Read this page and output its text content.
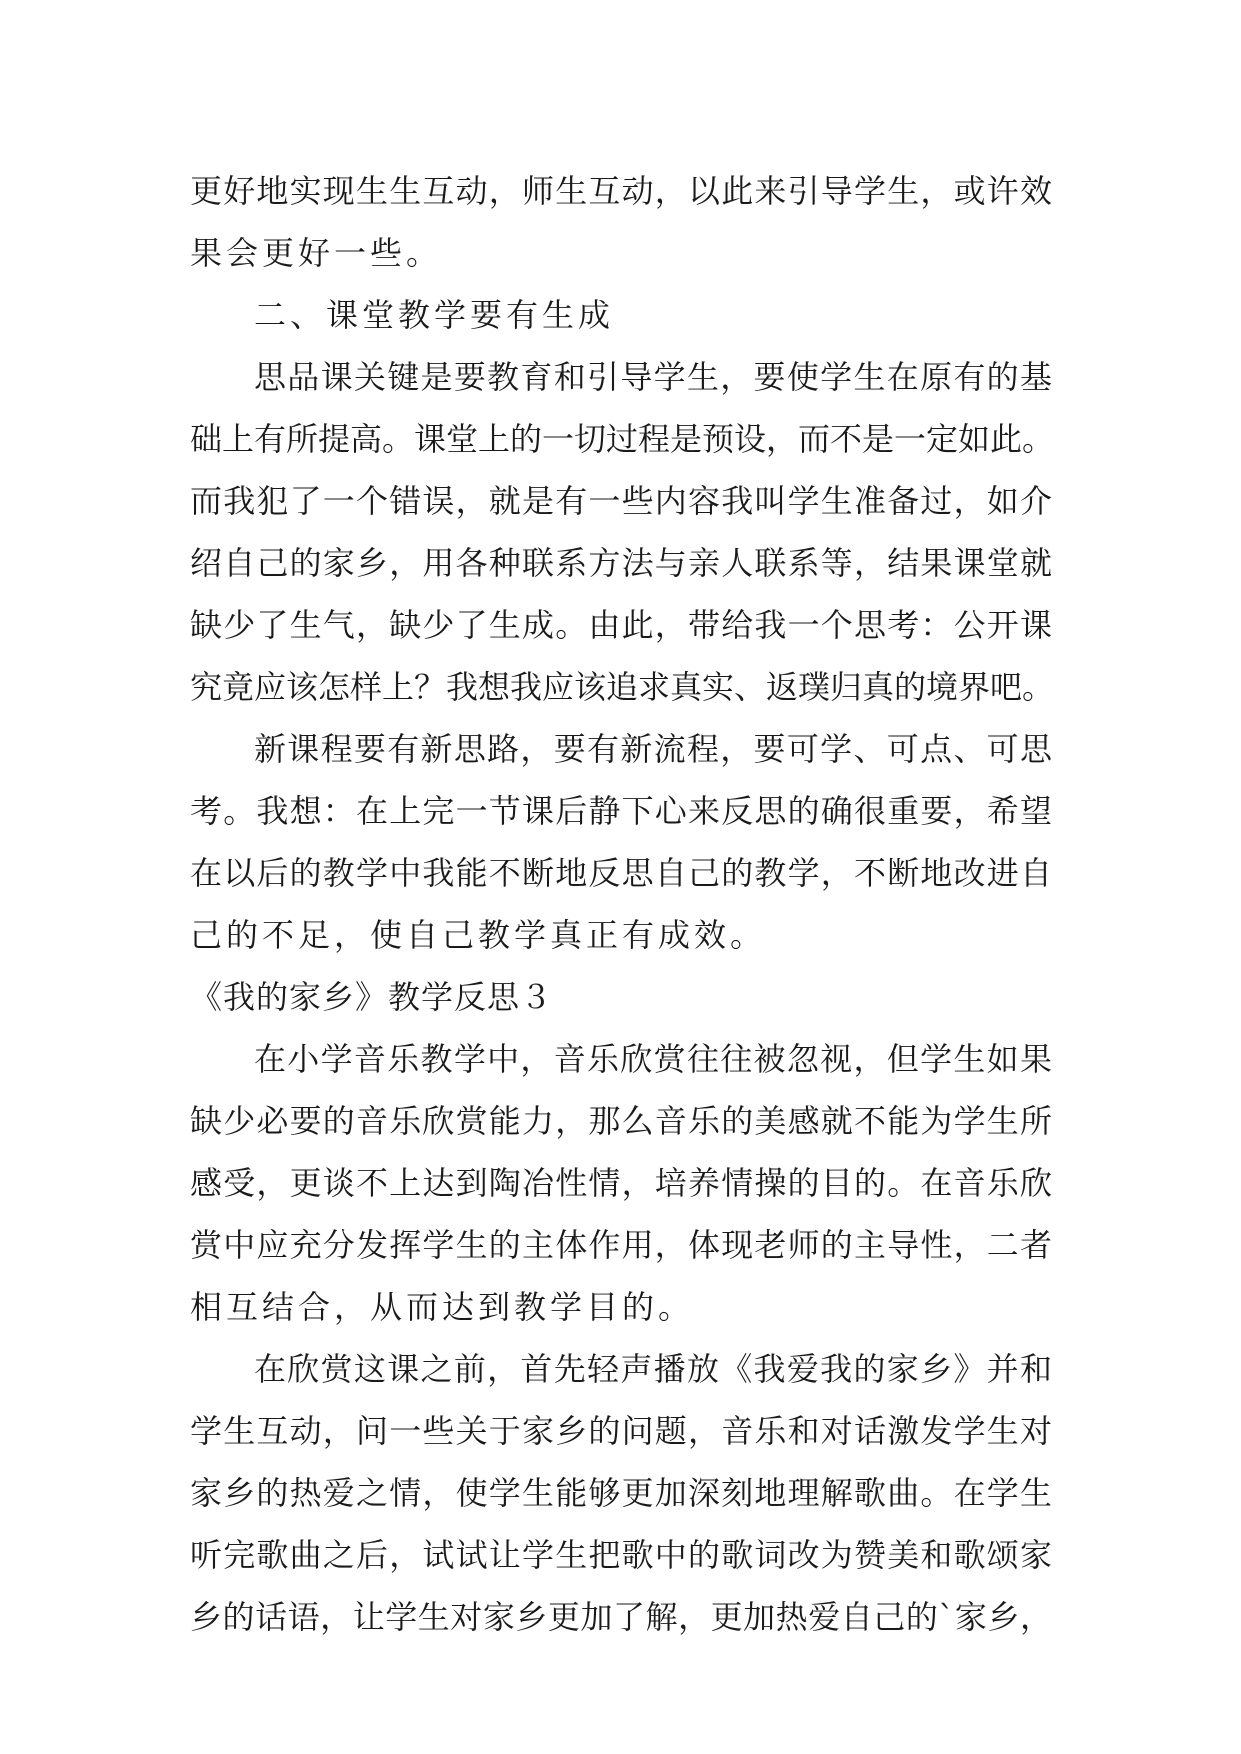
更好地实现生生互动，师生互动，以此来引导学生，或许效
果会更好一些。
二、课堂教学要有生成
思品课关键是要教育和引导学生，要使学生在原有的基
础上有所提高。课堂上的一切过程是预设，而不是一定如此。
而我犯了一个错误，就是有一些内容我叫学生准备过，如介
绍自己的家乡，用各种联系方法与亲人联系等，结果课堂就
缺少了生气，缺少了生成。由此，带给我一个思考：公开课
究竟应该怎样上？我想我应该追求真实、返璞归真的境界吧。
新课程要有新思路，要有新流程，要可学、可点、可思
考。我想：在上完一节课后静下心来反思的确很重要，希望
在以后的教学中我能不断地反思自己的教学，不断地改进自
己的不足，使自己教学真正有成效。
《我的家乡》教学反思３
在小学音乐教学中，音乐欣赏往往被忽视，但学生如果
缺少必要的音乐欣赏能力，那么音乐的美感就不能为学生所
感受，更谈不上达到陶冶性情，培养情操的目的。在音乐欣
赏中应充分发挥学生的主体作用，体现老师的主导性，二者
相互结合，从而达到教学目的。
在欣赏这课之前，首先轻声播放《我爱我的家乡》并和
学生互动，问一些关于家乡的问题，音乐和对话激发学生对
家乡的热爱之情，使学生能够更加深刻地理解歌曲。在学生
听完歌曲之后，试试让学生把歌中的歌词改为赞美和歌颂家
乡的话语，让学生对家乡更加了解，更加热爱自己的`家乡，
